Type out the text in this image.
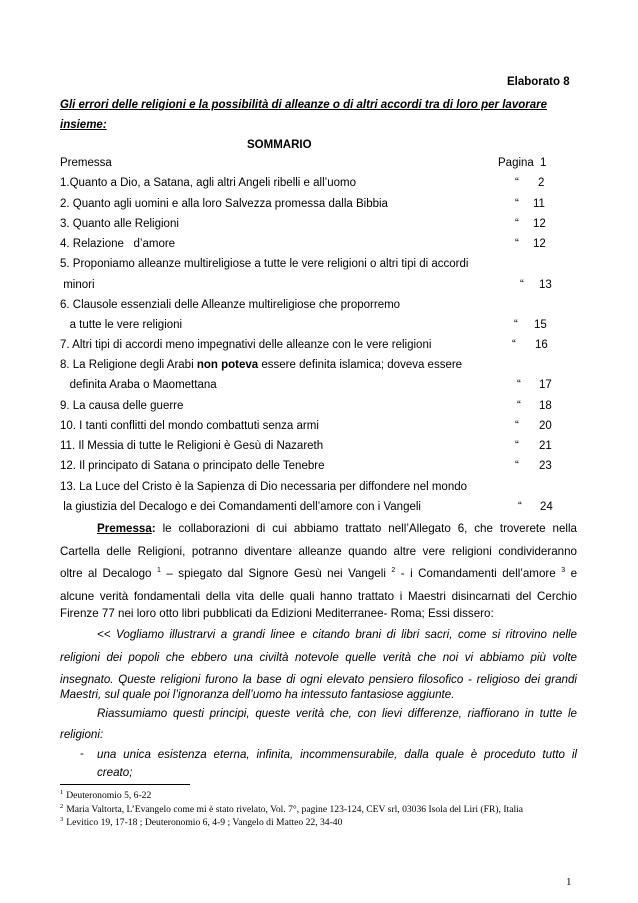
Elaborato 8
Gli errori delle religioni e la possibilità di alleanze o di altri accordi tra di loro per lavorare
insieme:
SOMMARIO
Premessa	Pagina 1
1.Quanto a Dio, a Satana, agli altri Angeli ribelli e all’uomo	“ 2
2. Quanto agli uomini e alla loro Salvezza promessa dalla Bibbia	“ 11
3. Quanto alle Religioni	“ 12
4. Relazione   d’amore	“ 12
5. Proponiamo alleanze multireligiose a tutte le vere religioni o altri tipi di accordi
minori	“ 13
6. Clausole essenziali delle Alleanze multireligiose che proporremo
a tutte le vere religioni	“ 15
7. Altri tipi di accordi meno impegnativi delle alleanze con le vere religioni	“ 16
8. La Religione degli Arabi non poteva essere definita islamica; doveva essere
definita Araba o Maomettana	“ 17
9. La causa delle guerre	“ 18
10. I tanti conflitti del mondo combattuti senza armi	“ 20
11. Il Messia di tutte le Religioni è Gesù di Nazareth	“ 21
12. Il principato di Satana o principato delle Tenebre	“ 23
13. La Luce del Cristo è la Sapienza di Dio necessaria per diffondere nel mondo
la giustizia del Decalogo e dei Comandamenti dell’amore con i Vangeli	“ 24
Premessa: le collaborazioni di cui abbiamo trattato nell’Allegato 6, che troverete nella
Cartella delle Religioni, potranno diventare alleanze quando altre vere religioni condivideranno
oltre al Decalogo $^1$ – spiegato dal Signore Gesù nei Vangeli $^2$ - i Comandamenti dell’amore $^3$ e
alcune verità fondamentali della vita delle quali hanno trattato i Maestri disincarnati del Cerchio
Firenze 77 nei loro otto libri pubblicati da Edizioni Mediterranee- Roma; Essi dissero:
<< Vogliamo illustrarvi a grandi linee e citando brani di libri sacri, come si ritrovino nelle
religioni dei popoli che ebbero una civiltà notevole quelle verità che noi vi abbiamo più volte
insegnato. Queste religioni furono la base di ogni elevato pensiero filosofico - religioso dei grandi
Maestri, sul quale poi l’ignoranza dell’uomo ha intessuto fantasiose aggiunte.
Riassumiamo questi principi, queste verità che, con lievi differenze, riaffiorano in tutte le
religioni:
- una unica esistenza eterna, infinita, incommensurabile, dalla quale è proceduto tutto il
creato;
$^1$ Deuteronomio 5, 6-22
$^2$ Maria Valtorta, L’Evangelo come mi è stato rivelato, Vol. 7°, pagine 123-124, CEV srl, 03036 Isola del Liri (FR), Italia
$^3$ Levitico 19, 17-18 ; Deuteronomio 6, 4-9 ; Vangelo di Matteo 22, 34-40
1
